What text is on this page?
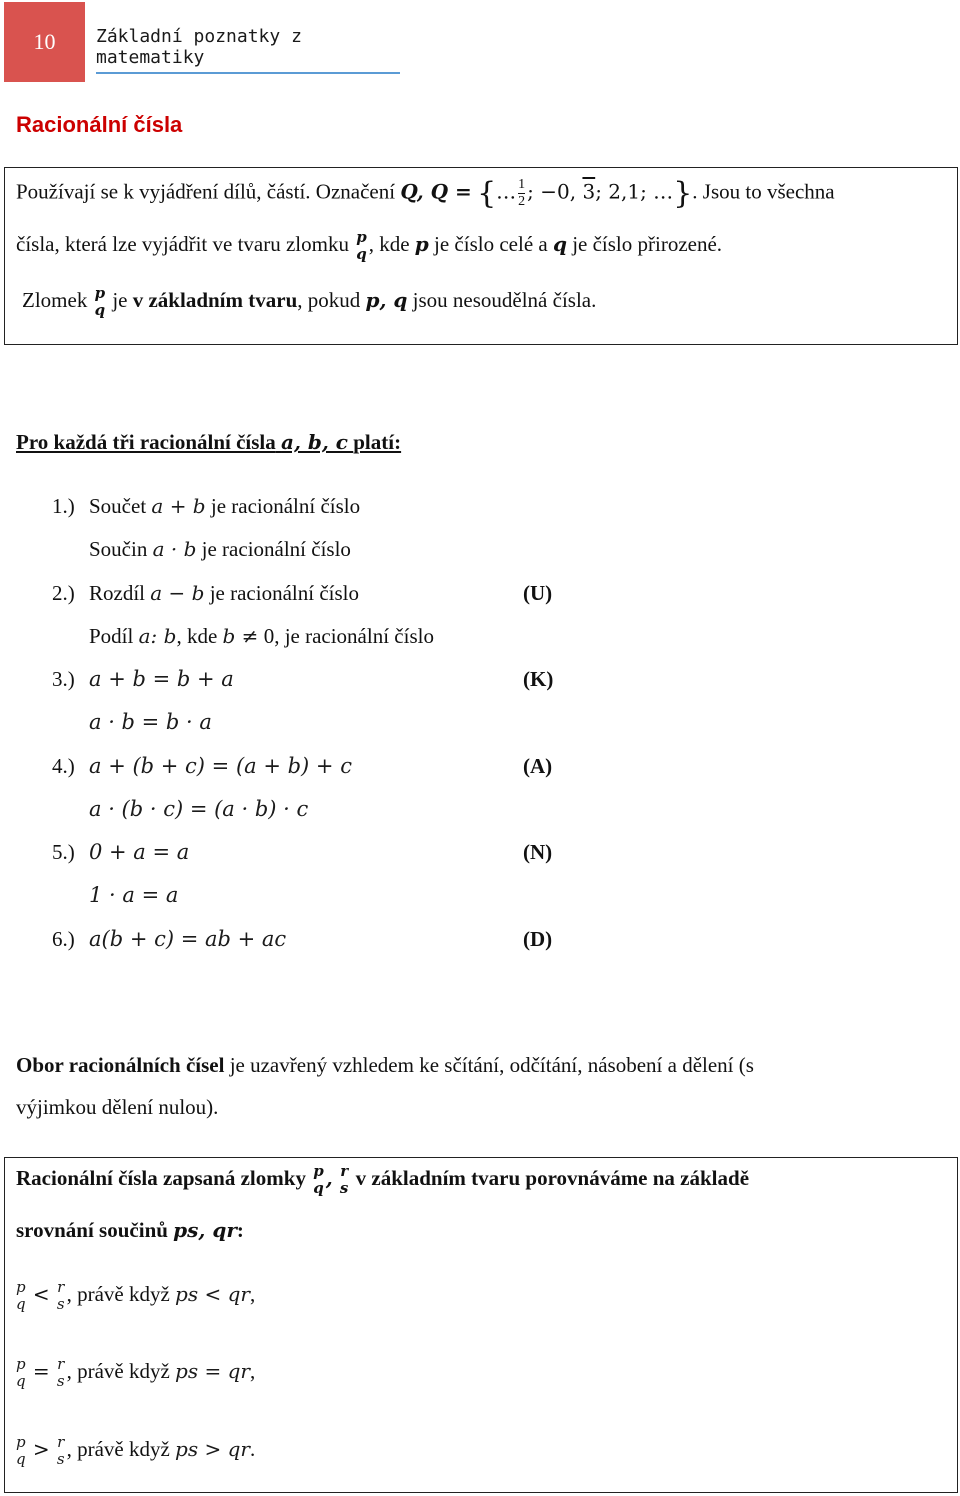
10	Základní poznatky z matematiky
Racionální čísla
Používají se k vyjádření dílů, částí. Označení Q, Q = {… $\frac{1}{2}$ ; −0, 3; 2,1; …}. Jsou to všechna
čísla, která lze vyjádřit ve tvaru zlomku p
q , kde p je číslo celé a q je číslo přirozené.
Zlomek p
q je v základním tvaru, pokud p, q jsou nesoudělná čísla.
Pro každá tři racionální čísla a, b, c platí:
1.) Součet a + b je racionální číslo
Součin a · b je racionální číslo
2.) Rozdíl a − b je racionální číslo	(U)
Podíl a: b, kde b ≠ 0, je racionální číslo
3.) a + b = b + a	(K)
a · b = b · a
4.) a + (b + c) = (a + b) + c	(A)
a · (b · c) = (a · b) · c
5.) 0 + a = a	(N)
1 · a = a
6.) a(b + c) = ab + ac	(D)
Obor racionálních čísel je uzavřený vzhledem ke sčítání, odčítání, násobení a dělení (s
výjimkou dělení nulou).
Racionální čísla zapsaná zlomky p
q , r
s v základním tvaru porovnáváme na základě
srovnání součinů ps, qr:
p
q < r
s , právě když ps < qr,
p
q = r
s , právě když ps = qr,
p
q > r
s , právě když ps > qr.
